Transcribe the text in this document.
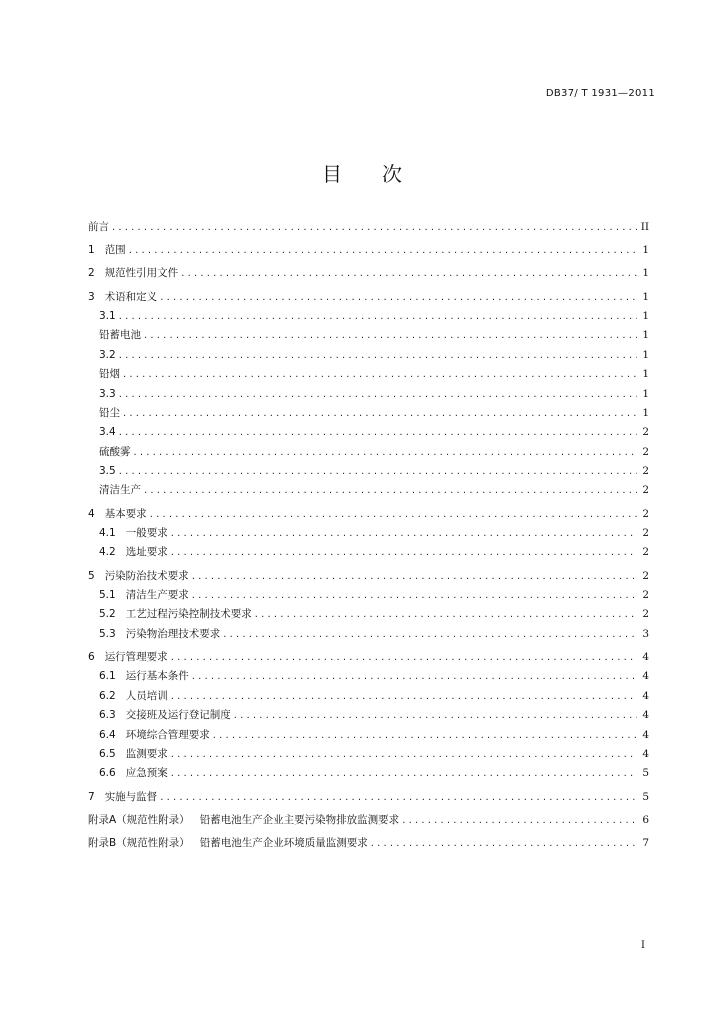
DB37/ T 1931—2011
目次
前言 .....	II
1 范围 .....	1
2 规范性引用文件 .....	1
3 术语和定义 .....	1
3.1 .....	1
铅蓄电池 .....	1
3.2 .....	1
铅烟 .....	1
3.3 .....	1
铅尘 .....	1
3.4 .....	2
硫酸雾 .....	2
3.5 .....	2
清洁生产 .....	2
4 基本要求 .....	2
4.1 一般要求 .....	2
4.2 选址要求 .....	2
5 污染防治技术要求 .....	2
5.1 清洁生产要求 .....	2
5.2 工艺过程污染控制技术要求 .....	2
5.3 污染物治理技术要求 .....	3
6 运行管理要求 .....	4
6.1 运行基本条件 .....	4
6.2 人员培训 .....	4
6.3 交接班及运行登记制度 .....	4
6.4 环境综合管理要求 .....	4
6.5 监测要求 .....	4
6.6 应急预案 .....	5
7 实施与监督 .....	5
附录A（规范性附录） 铅蓄电池生产企业主要污染物排放监测要求 .....	6
附录B（规范性附录） 铅蓄电池生产企业环境质量监测要求 .....	7
I
